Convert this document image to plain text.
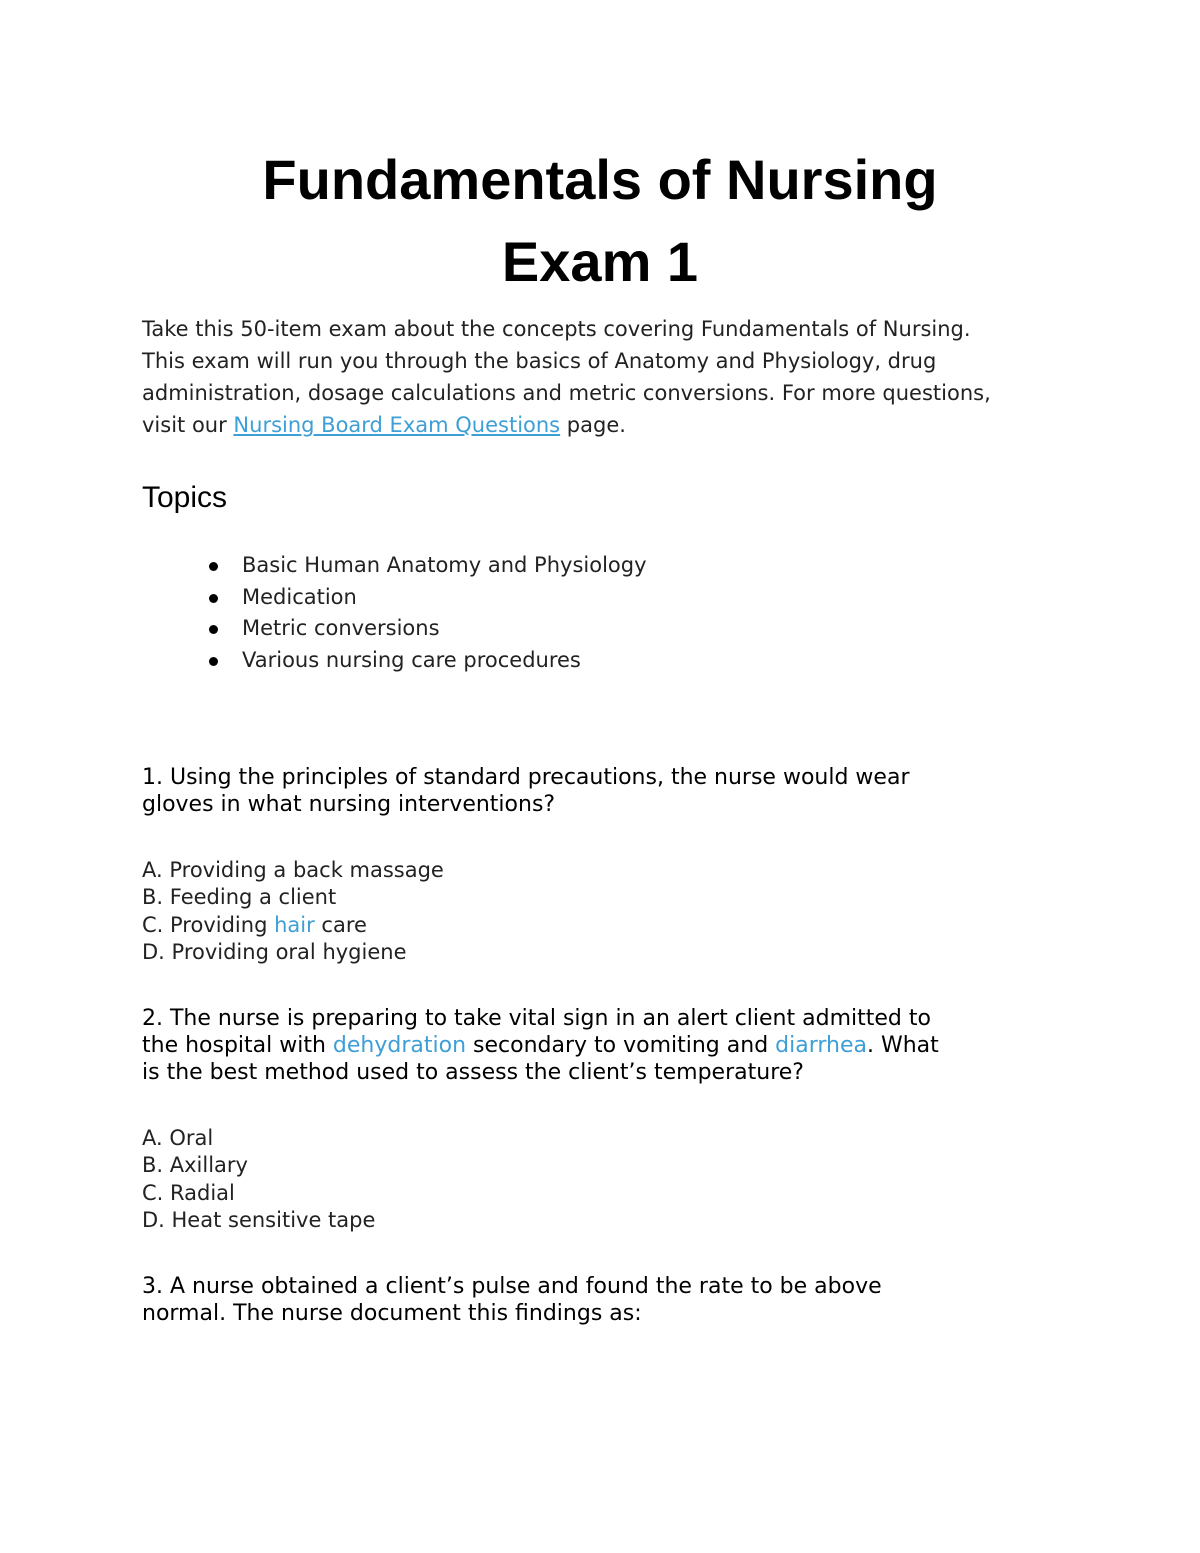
Fundamentals of Nursing
Exam 1

Take this 50-item exam about the concepts covering Fundamentals of Nursing.
This exam will run you through the basics of Anatomy and Physiology, drug
administration, dosage calculations and metric conversions. For more questions,
visit our Nursing Board Exam Questions page.

Topics
Basic Human Anatomy and Physiology
Medication
Metric conversions
Various nursing care procedures

1. Using the principles of standard precautions, the nurse would wear
gloves in what nursing interventions?

A. Providing a back massage
B. Feeding a client
C. Providing hair care
D. Providing oral hygiene

2. The nurse is preparing to take vital sign in an alert client admitted to
the hospital with dehydration secondary to vomiting and diarrhea. What
is the best method used to assess the client’s temperature?

A. Oral
B. Axillary
C. Radial
D. Heat sensitive tape

3. A nurse obtained a client’s pulse and found the rate to be above
normal. The nurse document this findings as:
